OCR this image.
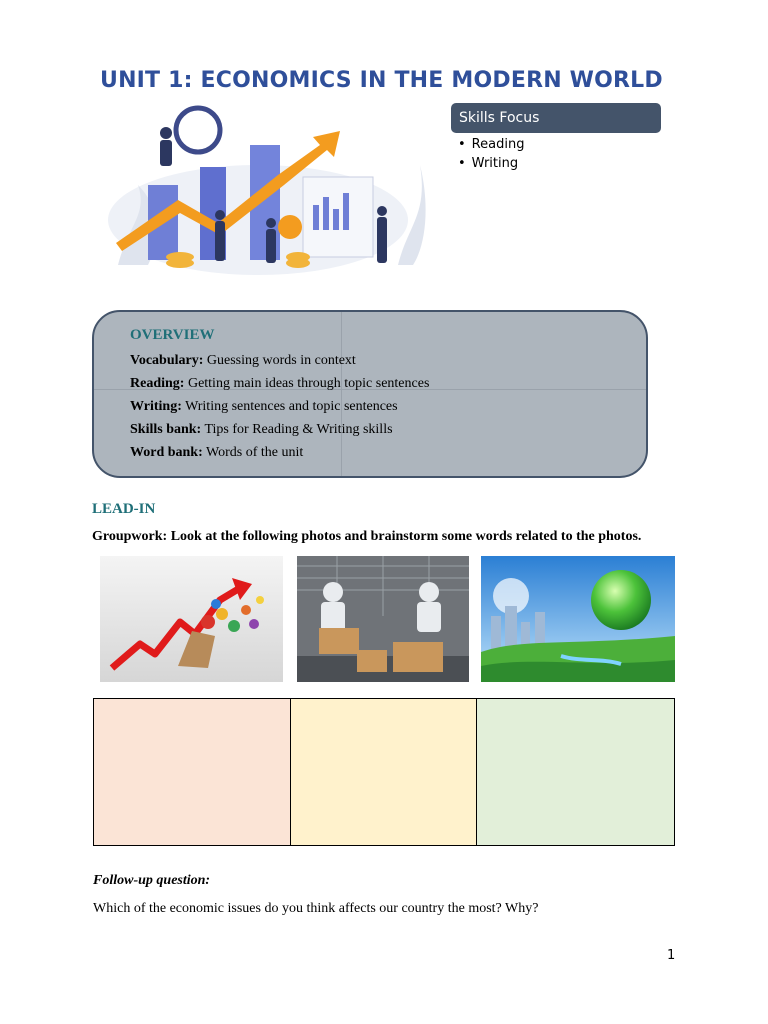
UNIT 1: ECONOMICS IN THE MODERN WORLD
Skills Focus
• Reading
• Writing
OVERVIEW
Vocabulary: Guessing words in context
Reading: Getting main ideas through topic sentences
Writing: Writing sentences and topic sentences
Skills bank: Tips for Reading & Writing skills
Word bank: Words of the unit
LEAD-IN
Groupwork: Look at the following photos and brainstorm some words related to the photos.
Follow-up question:
Which of the economic issues do you think affects our country the most? Why?
1
